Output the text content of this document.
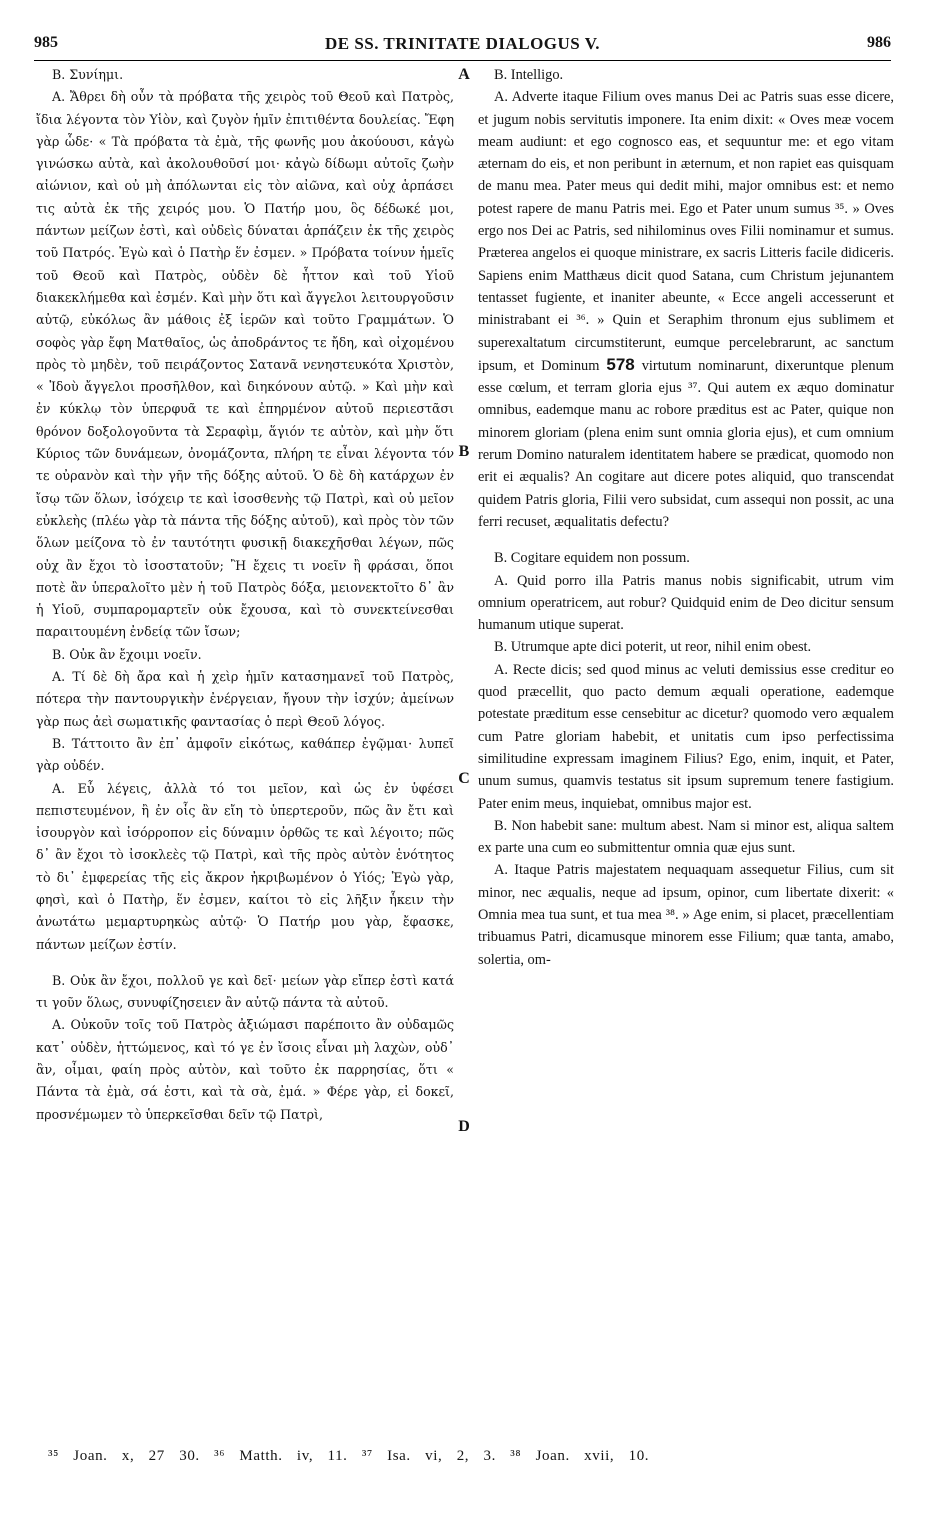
985	DE SS. TRINITATE DIALOGUS V.	986
A
B
C
D

Β. Συνίημι.

Α. Ἄθρει δὴ οὖν τὰ πρόβατα τῆς χειρὸς τοῦ Θεοῦ καὶ Πατρὸς, ἴδια λέγοντα τὸν Υἱὸν, καὶ ζυγὸν ἡμῖν ἐπιτιθέντα δουλείας. Ἔφη γὰρ ὧδε· « Τὰ πρόβατα τὰ ἐμὰ, τῆς φωνῆς μου ἀκούουσι, κἀγὼ γινώσκω αὐτὰ, καὶ ἀκολουθοῦσί μοι· κἀγὼ δίδωμι αὐτοῖς ζωὴν αἰώνιον, καὶ οὐ μὴ ἀπόλωνται εἰς τὸν αἰῶνα, καὶ οὐχ ἁρπάσει τις αὐτὰ ἐκ τῆς χειρός μου. Ὁ Πατήρ μου, ὃς δέδωκέ μοι, πάντων μείζων ἐστὶ, καὶ οὐδεὶς δύναται ἁρπάζειν ἐκ τῆς χειρὸς τοῦ Πατρός. Ἐγὼ καὶ ὁ Πατὴρ ἕν ἐσμεν. » Πρόβατα τοίνυν ἡμεῖς τοῦ Θεοῦ καὶ Πατρὸς, οὐδὲν δὲ ἧττον καὶ τοῦ Υἱοῦ διακεκλήμεθα καὶ ἐσμέν. Καὶ μὴν ὅτι καὶ ἄγγελοι λειτουργοῦσιν αὐτῷ, εὐκόλως ἂν μάθοις ἐξ ἱερῶν καὶ τοῦτο Γραμμάτων. Ὁ σοφὸς γὰρ ἔφη Ματθαῖος, ὡς ἀποδράντος τε ἤδη, καὶ οἰχομένου πρὸς τὸ μηδὲν, τοῦ πειράζοντος Σατανᾶ νενηστευκότα Χριστὸν, « Ἰδοὺ ἄγγελοι προσῆλθον, καὶ διηκόνουν αὐτῷ. » Καὶ μὴν καὶ ἐν κύκλῳ τὸν ὑπερφυᾶ τε καὶ ἐπηρμένον αὐτοῦ περιεστᾶσι θρόνον δοξολογοῦντα τὰ Σεραφὶμ, ἅγιόν τε αὐτὸν, καὶ μὴν ὅτι Κύριος τῶν δυνάμεων, ὀνομάζοντα, πλήρη τε εἶναι λέγοντα τόν τε οὐρανὸν καὶ τὴν γῆν τῆς δόξης αὐτοῦ. Ὁ δὲ δὴ κατάρχων ἐν ἴσῳ τῶν ὅλων, ἰσόχειρ τε καὶ ἰσοσθενὴς τῷ Πατρὶ, καὶ οὐ μεῖον εὐκλεὴς (πλέω γὰρ τὰ πάντα τῆς δόξης αὐτοῦ), καὶ πρὸς τὸν τῶν ὅλων μείζονα τὸ ἐν ταυτότητι φυσικῇ διακεχῆσθαι λέγων, πῶς οὐχ ἂν ἔχοι τὸ ἰσοστατοῦν; Ἢ ἔχεις τι νοεῖν ἢ φράσαι, ὅποι ποτὲ ἂν ὑπεραλοῖτο μὲν ἡ τοῦ Πατρὸς δόξα, μειονεκτοῖτο δ᾿ ἂν ἡ Υἱοῦ, συμπαρομαρτεῖν οὐκ ἔχουσα, καὶ τὸ συνεκτείνεσθαι παραιτουμένη ἐνδείᾳ τῶν ἴσων;

Β. Οὐκ ἂν ἔχοιμι νοεῖν.

Α. Τί δὲ δὴ ἄρα καὶ ἡ χεὶρ ἡμῖν κατασημανεῖ τοῦ Πατρὸς, πότερα τὴν παντουργικὴν ἐνέργειαν, ἤγουν τὴν ἰσχύν; ἀμείνων γὰρ πως ἀεὶ σωματικῆς φαντασίας ὁ περὶ Θεοῦ λόγος.

Β. Τάττοιτο ἂν ἐπ᾿ ἀμφοῖν εἰκότως, καθάπερ ἐγῷμαι· λυπεῖ γὰρ οὐδέν.

Α. Εὖ λέγεις, ἀλλὰ τό τοι μεῖον, καὶ ὡς ἐν ὑφέσει πεπιστευμένον, ἢ ἐν οἷς ἂν εἴη τὸ ὑπερτεροῦν, πῶς ἂν ἔτι καὶ ἰσουργὸν καὶ ἰσόρροπον εἰς δύναμιν ὀρθῶς τε καὶ λέγοιτο; πῶς δ᾿ ἂν ἔχοι τὸ ἰσοκλεὲς τῷ Πατρὶ, καὶ τῆς πρὸς αὐτὸν ἑνότητος τὸ δι᾿ ἐμφερείας τῆς εἰς ἄκρον ἠκριβωμένον ὁ Υἱός; Ἐγὼ γὰρ, φησὶ, καὶ ὁ Πατὴρ, ἕν ἐσμεν, καίτοι τὸ εἰς λῆξιν ἧκειν τὴν ἀνωτάτω μεμαρτυρηκὼς αὐτῷ· Ὁ Πατήρ μου γὰρ, ἔφασκε, πάντων μείζων ἐστίν.

Β. Οὐκ ἂν ἔχοι, πολλοῦ γε καὶ δεῖ· μείων γὰρ εἴπερ ἐστὶ κατά τι γοῦν ὅλως, συνυφίζησειεν ἂν αὐτῷ πάντα τὰ αὐτοῦ.

Α. Οὐκοῦν τοῖς τοῦ Πατρὸς ἀξιώμασι παρέποιτο ἂν οὐδαμῶς κατ᾿ οὐδὲν, ἡττώμενος, καὶ τό γε ἐν ἴσοις εἶναι μὴ λαχὼν, οὐδ᾿ ἂν, οἶμαι, φαίη πρὸς αὐτὸν, καὶ τοῦτο ἐκ παρρησίας, ὅτι « Πάντα τὰ ἐμὰ, σά ἐστι, καὶ τὰ σὰ, ἐμά. » Φέρε γὰρ, εἰ δοκεῖ, προσνέμωμεν τὸ ὑπερκεῖσθαι δεῖν τῷ Πατρὶ,

B. Intelligo.

A. Adverte itaque Filium oves manus Dei ac Patris suas esse dicere, et jugum nobis servitutis imponere. Ita enim dixit: « Oves meæ vocem meam audiunt: et ego cognosco eas, et sequuntur me: et ego vitam æternam do eis, et non peribunt in æternum, et non rapiet eas quisquam de manu mea. Pater meus qui dedit mihi, major omnibus est: et nemo potest rapere de manu Patris mei. Ego et Pater unum sumus ³⁵. » Oves ergo nos Dei ac Patris, sed nihilominus oves Filii nominamur et sumus. Præterea angelos ei quoque ministrare, ex sacris Litteris facile didiceris. Sapiens enim Matthæus dicit quod Satana, cum Christum jejunantem tentasset fugiente, et inaniter abeunte, « Ecce angeli accesserunt et ministrabant ei ³⁶. » Quin et Seraphim thronum ejus sublimem et superexaltatum circumstiterunt, eumque percelebrarunt, ac sanctum ipsum, et Dominum 578 virtutum nominarunt, dixeruntque plenum esse cœlum, et terram gloria ejus ³⁷. Qui autem ex æquo dominatur omnibus, eademque manu ac robore præditus est ac Pater, quique non minorem gloriam (plena enim sunt omnia gloria ejus), et cum omnium rerum Domino naturalem identitatem habere se prædicat, quomodo non erit ei æqualis? An cogitare aut dicere potes aliquid, quo transcendat quidem Patris gloria, Filii vero subsidat, cum assequi non possit, ac una ferri recuset, æqualitatis defectu?

B. Cogitare equidem non possum.

A. Quid porro illa Patris manus nobis significabit, utrum vim omnium operatricem, aut robur? Quidquid enim de Deo dicitur sensum humanum utique superat.

B. Utrumque apte dici poterit, ut reor, nihil enim obest.

A. Recte dicis; sed quod minus ac veluti demissius esse creditur eo quod præcellit, quo pacto demum æquali operatione, eademque potestate præditum esse censebitur ac dicetur? quomodo vero æqualem cum Patre gloriam habebit, et unitatis cum ipso perfectissima similitudine expressam imaginem Filius? Ego, enim, inquit, et Pater, unum sumus, quamvis testatus sit ipsum supremum tenere fastigium. Pater enim meus, inquiebat, omnibus major est.

B. Non habebit sane: multum abest. Nam si minor est, aliqua saltem ex parte una cum eo submittentur omnia quæ ejus sunt.

A. Itaque Patris majestatem nequaquam assequetur Filius, cum sit minor, nec æqualis, neque ad ipsum, opinor, cum libertate dixerit: « Omnia mea tua sunt, et tua mea ³⁸. » Age enim, si placet, præcellentiam tribuamus Patri, dicamusque minorem esse Filium; quæ tanta, amabo, solertia, om-

³⁵ Joan. x, 27 30. ³⁶ Matth. iv, 11. ³⁷ Isa. vi, 2, 3. ³⁸ Joan. xvii, 10.
